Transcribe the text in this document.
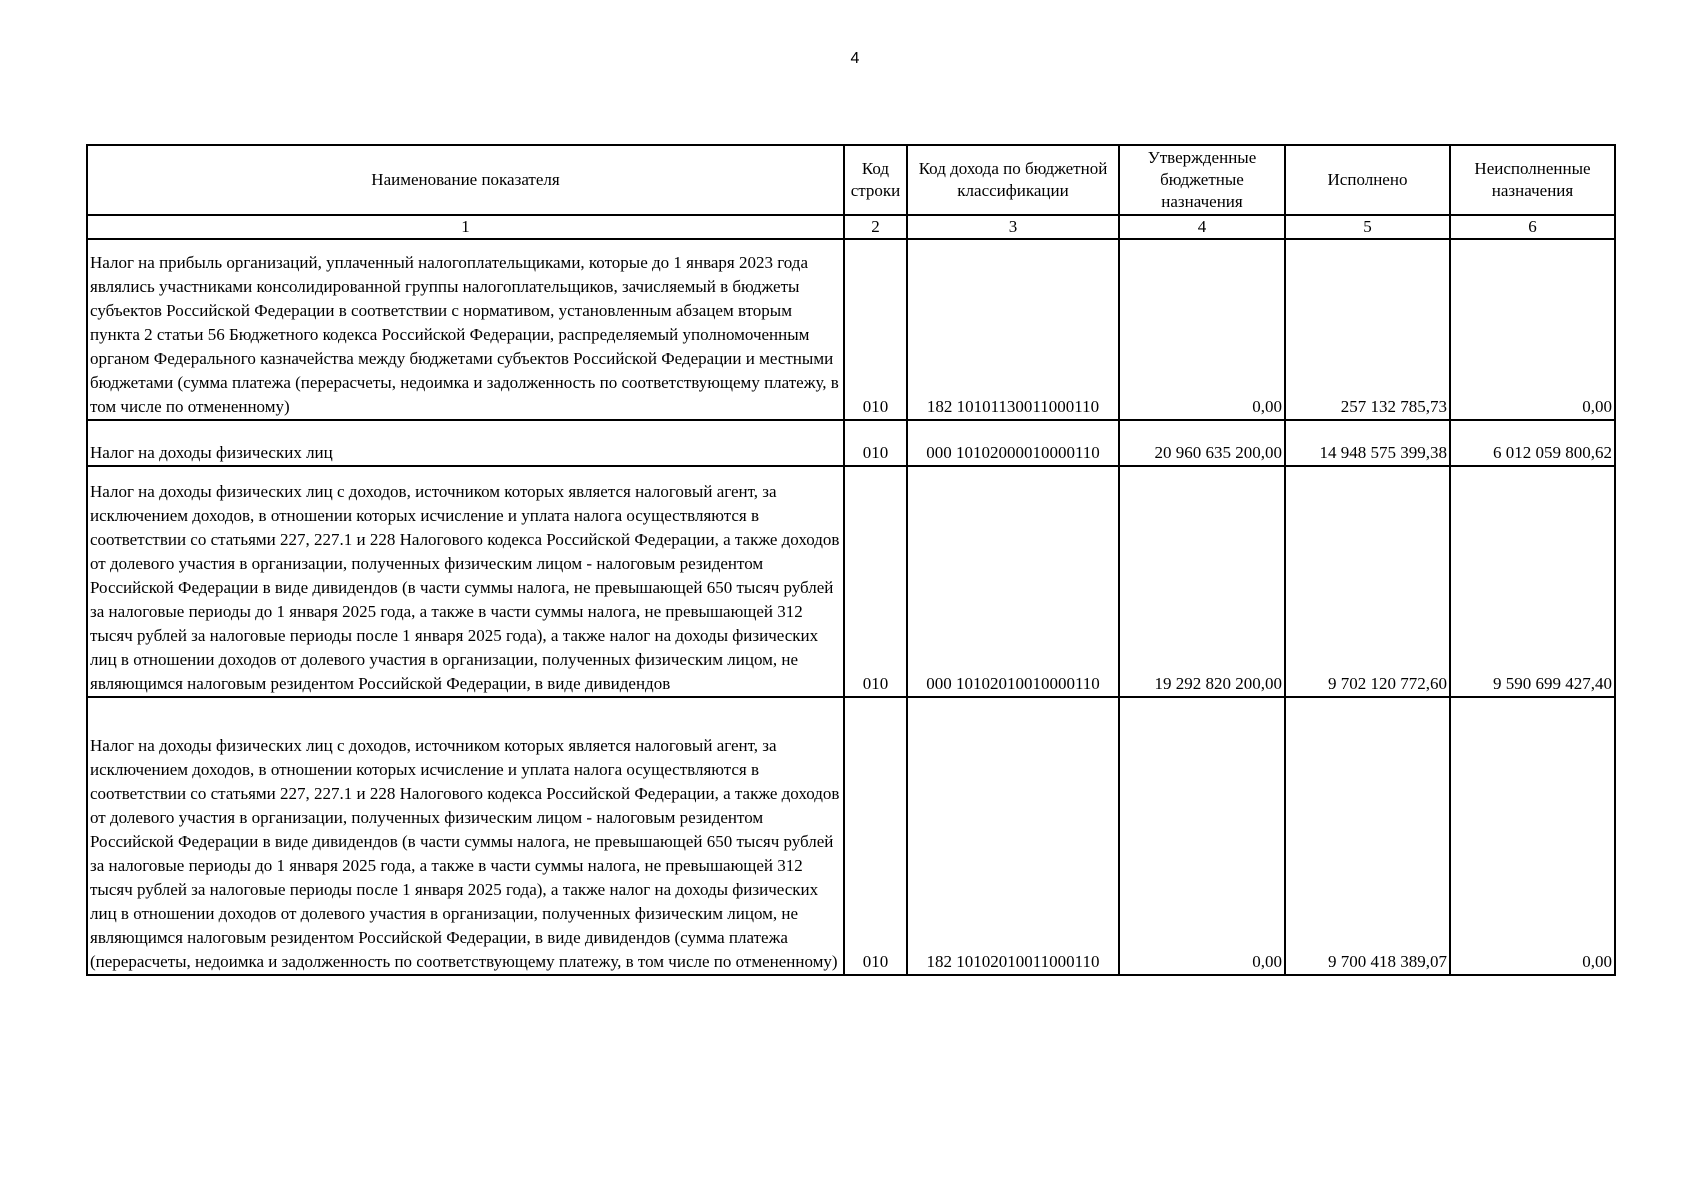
4
Наименование показателя	Код строки	Код дохода по бюджетной классификации	Утвержденные бюджетные назначения	Исполнено	Неисполненные назначения
1	2	3	4	5	6

Налог на прибыль организаций, уплаченный налогоплательщиками, которые до 1 января 2023 года являлись участниками консолидированной группы налогоплательщиков, зачисляемый в бюджеты субъектов Российской Федерации в соответствии с нормативом, установленным абзацем вторым пункта 2 статьи 56 Бюджетного кодекса Российской Федерации, распределяемый уполномоченным органом Федерального казначейства между бюджетами субъектов Российской Федерации и местными бюджетами (сумма платежа (перерасчеты, недоимка и задолженность по соответствующему платежу, в том числе по отмененному)	010	182 10101130011000110	0,00	257 132 785,73	0,00
Налог на доходы физических лиц	010	000 10102000010000110	20 960 635 200,00	14 948 575 399,38	6 012 059 800,62

Налог на доходы физических лиц с доходов, источником которых является налоговый агент, за исключением доходов, в отношении которых исчисление и уплата налога осуществляются в соответствии со статьями 227, 227.1 и 228 Налогового кодекса Российской Федерации, а также доходов от долевого участия в организации, полученных физическим лицом - налоговым резидентом Российской Федерации в виде дивидендов (в части суммы налога, не превышающей 650 тысяч рублей за налоговые периоды до 1 января 2025 года, а также в части суммы налога, не превышающей 312 тысяч рублей за налоговые периоды после 1 января 2025 года), а также налог на доходы физических лиц в отношении доходов от долевого участия в организации, полученных физическим лицом, не являющимся налоговым резидентом Российской Федерации, в виде дивидендов	010	000 10102010010000110	19 292 820 200,00	9 702 120 772,60	9 590 699 427,40

Налог на доходы физических лиц с доходов, источником которых является налоговый агент, за исключением доходов, в отношении которых исчисление и уплата налога осуществляются в соответствии со статьями 227, 227.1 и 228 Налогового кодекса Российской Федерации, а также доходов от долевого участия в организации, полученных физическим лицом - налоговым резидентом Российской Федерации в виде дивидендов (в части суммы налога, не превышающей 650 тысяч рублей за налоговые периоды до 1 января 2025 года, а также в части суммы налога, не превышающей 312 тысяч рублей за налоговые периоды после 1 января 2025 года), а также налог на доходы физических лиц в отношении доходов от долевого участия в организации, полученных физическим лицом, не являющимся налоговым резидентом Российской Федерации, в виде дивидендов (сумма платежа (перерасчеты, недоимка и задолженность по соответствующему платежу, в том числе по отмененному)	010	182 10102010011000110	0,00	9 700 418 389,07	0,00
